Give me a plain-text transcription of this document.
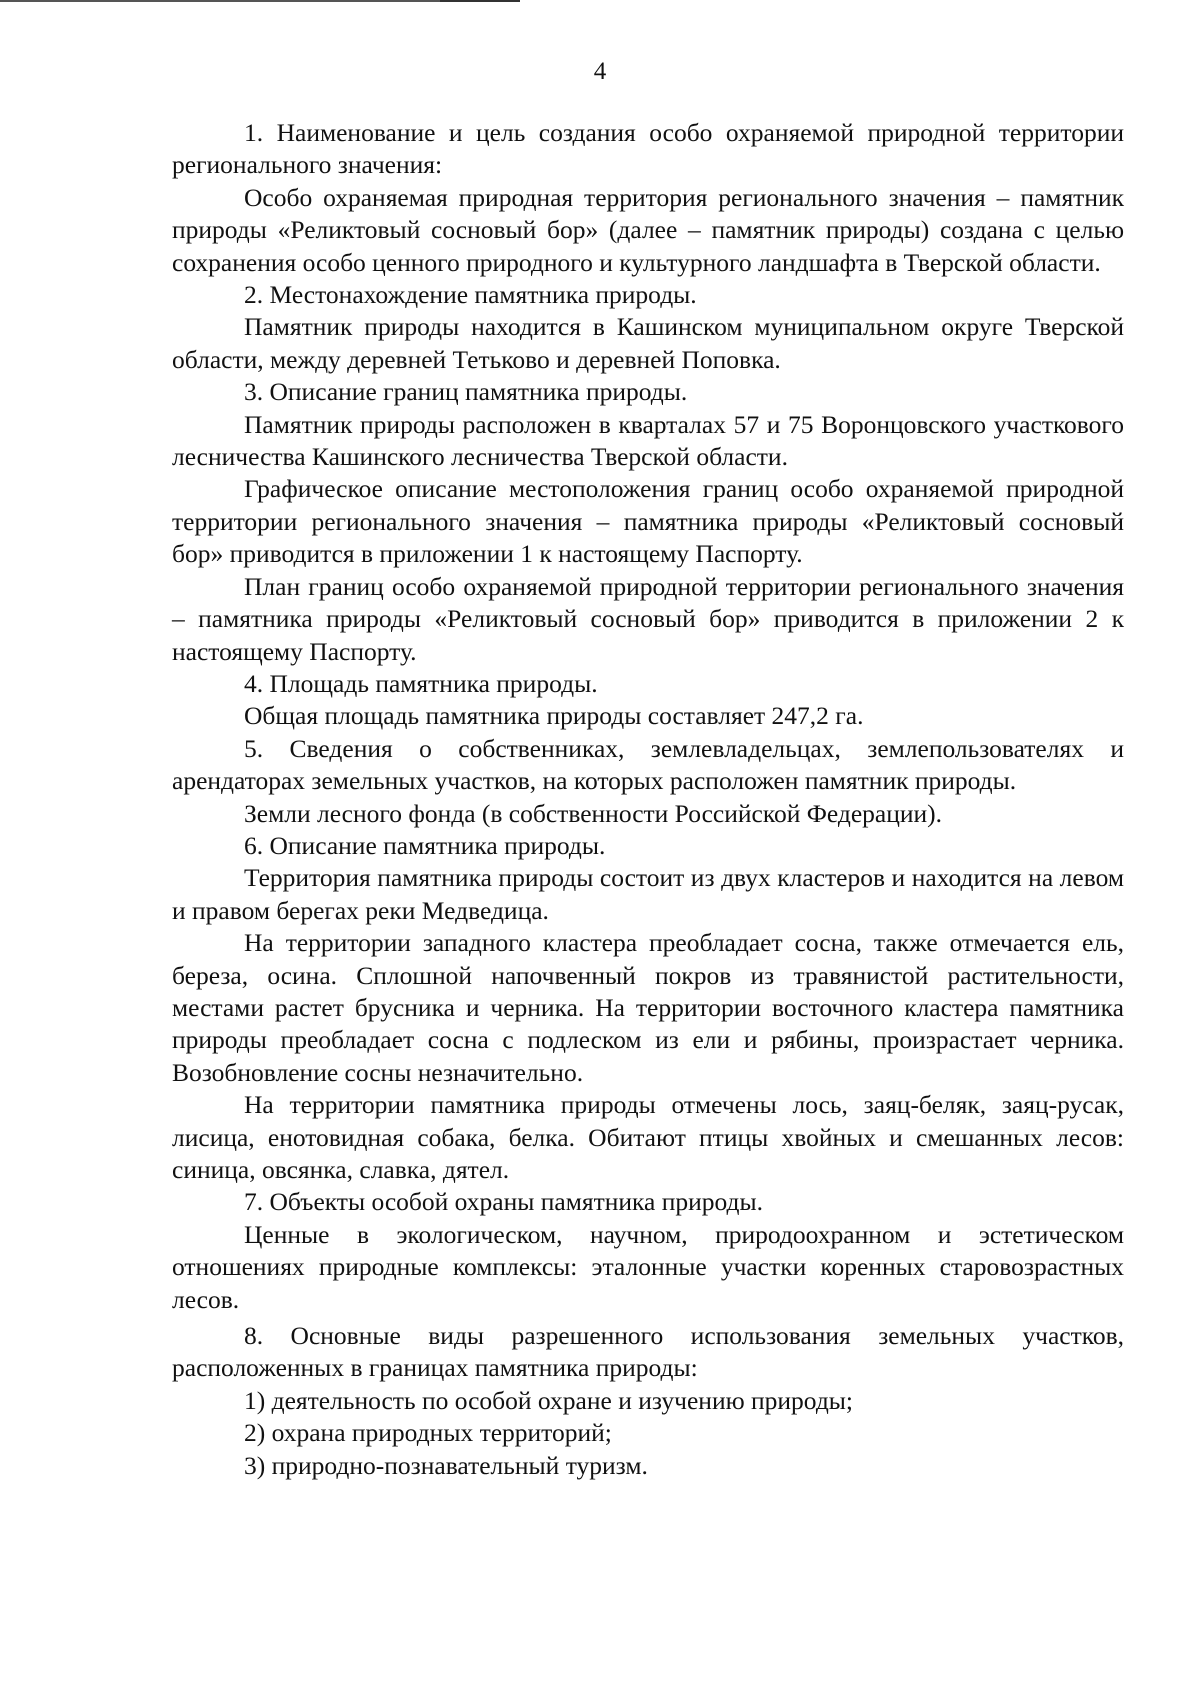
4

1. Наименование и цель создания особо охраняемой природной территории регионального значения:

Особо охраняемая природная территория регионального значения – памятник природы «Реликтовый сосновый бор» (далее – памятник природы) создана с целью сохранения особо ценного природного и культурного ландшафта в Тверской области.

2. Местонахождение памятника природы.

Памятник природы находится в Кашинском муниципальном округе Тверской области, между деревней Тетьково и деревней Поповка.

3. Описание границ памятника природы.

Памятник природы расположен в кварталах 57 и 75 Воронцовского участкового лесничества Кашинского лесничества Тверской области.

Графическое описание местоположения границ особо охраняемой природной территории регионального значения – памятника природы «Реликтовый сосновый бор» приводится в приложении 1 к настоящему Паспорту.

План границ особо охраняемой природной территории регионального значения – памятника природы «Реликтовый сосновый бор» приводится в приложении 2 к настоящему Паспорту.

4. Площадь памятника природы.

Общая площадь памятника природы составляет 247,2 га.

5. Сведения о собственниках, землевладельцах, землепользователях и арендаторах земельных участков, на которых расположен памятник природы.

Земли лесного фонда (в собственности Российской Федерации).

6. Описание памятника природы.

Территория памятника природы состоит из двух кластеров и находится на левом и правом берегах реки Медведица.

На территории западного кластера преобладает сосна, также отмечается ель, береза, осина. Сплошной напочвенный покров из травянистой растительности, местами растет брусника и черника. На территории восточного кластера памятника природы преобладает сосна с подлеском из ели и рябины, произрастает черника. Возобновление сосны незначительно.

На территории памятника природы отмечены лось, заяц-беляк, заяц-русак, лисица, енотовидная собака, белка. Обитают птицы хвойных и смешанных лесов: синица, овсянка, славка, дятел.

7. Объекты особой охраны памятника природы.

Ценные в экологическом, научном, природоохранном и эстетическом отношениях природные комплексы: эталонные участки коренных старовозрастных лесов.

8. Основные виды разрешенного использования земельных участков, расположенных в границах памятника природы:

1) деятельность по особой охране и изучению природы;

2) охрана природных территорий;

3) природно-познавательный туризм.
